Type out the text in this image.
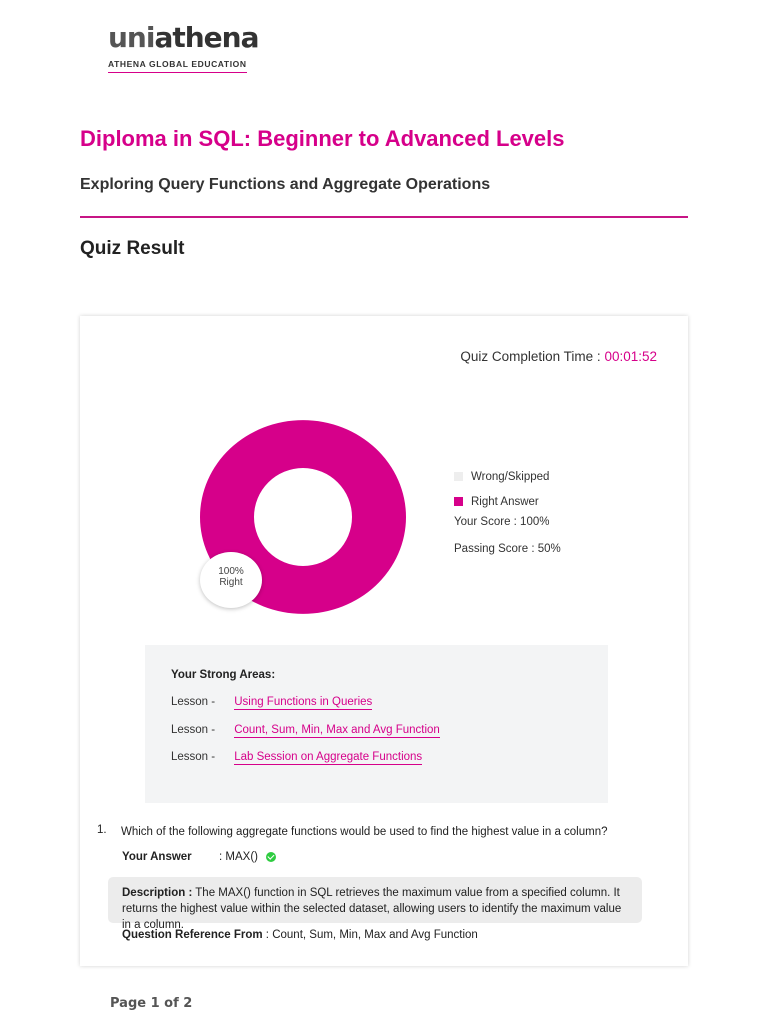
uniathena
ATHENA GLOBAL EDUCATION
Diploma in SQL: Beginner to Advanced Levels
Exploring Query Functions and Aggregate Operations
Quiz Result
Quiz Completion Time : 00:01:52
100%
Right
Wrong/Skipped
Right Answer
Your Score : 100%
Passing Score : 50%
Your Strong Areas:
Lesson - Using Functions in Queries
Lesson - Count, Sum, Min, Max and Avg Function
Lesson - Lab Session on Aggregate Functions
1. Which of the following aggregate functions would be used to find the highest value in a column?
Your Answer : MAX()
Description : The MAX() function in SQL retrieves the maximum value from a specified column. It returns the highest value within the selected dataset, allowing users to identify the maximum value in a column.
Question Reference From : Count, Sum, Min, Max and Avg Function
Page 1 of 2
